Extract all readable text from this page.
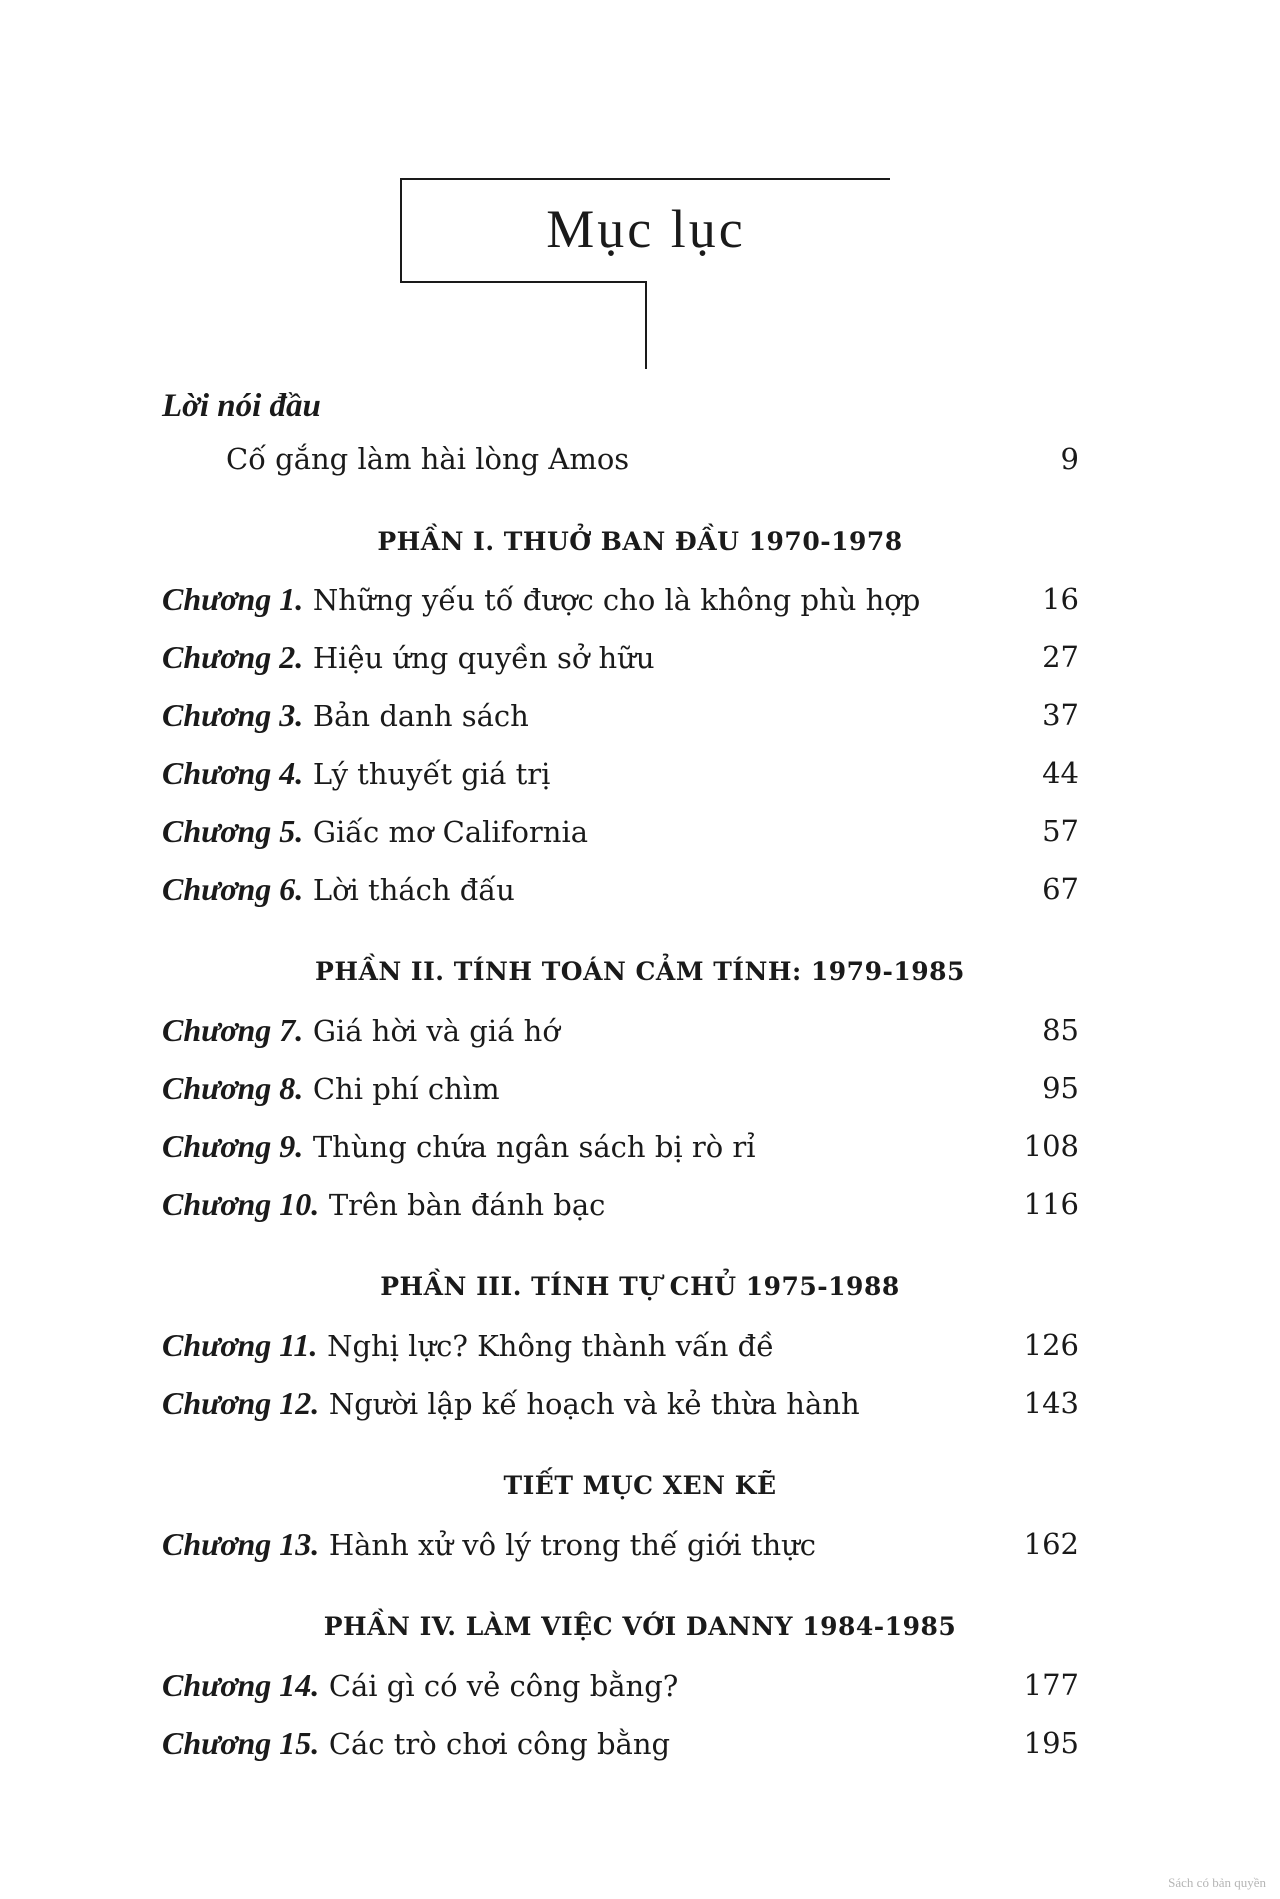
Mục lục
Lời nói đầu
Cố gắng làm hài lòng Amos	9
PHẦN I. THUỞ BAN ĐẦU 1970-1978
Chương 1. Những yếu tố được cho là không phù hợp	16
Chương 2. Hiệu ứng quyền sở hữu	27
Chương 3. Bản danh sách	37
Chương 4. Lý thuyết giá trị	44
Chương 5. Giấc mơ California	57
Chương 6. Lời thách đấu	67
PHẦN II. TÍNH TOÁN CẢM TÍNH: 1979-1985
Chương 7. Giá hời và giá hớ	85
Chương 8. Chi phí chìm	95
Chương 9. Thùng chứa ngân sách bị rò rỉ	108
Chương 10. Trên bàn đánh bạc	116
PHẦN III. TÍNH TỰ CHỦ 1975-1988
Chương 11. Nghị lực? Không thành vấn đề	126
Chương 12. Người lập kế hoạch và kẻ thừa hành	143
TIẾT MỤC XEN KẼ
Chương 13. Hành xử vô lý trong thế giới thực	162
PHẦN IV. LÀM VIỆC VỚI DANNY 1984-1985
Chương 14. Cái gì có vẻ công bằng?	177
Chương 15. Các trò chơi công bằng	195
Sách có bản quyền
